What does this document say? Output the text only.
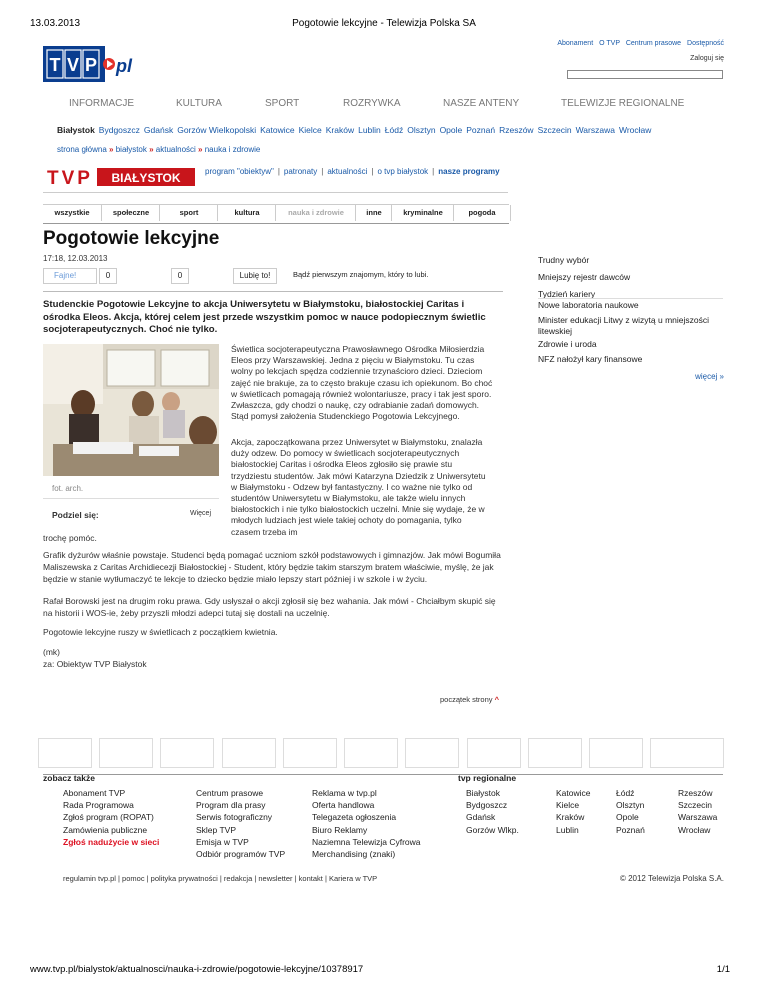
13.03.2013	Pogotowie lekcyjne - Telewizja Polska SA
Abonament O TVP Centrum prasowe Dostępność
Zaloguj się
T V P pl
INFORMACJE	KULTURA	SPORT	ROZRYWKA	NASZE ANTENY	TELEWIZJE REGIONALNE
Białystok Bydgoszcz Gdańsk Gorzów Wielkopolski Katowice Kielce Kraków Lublin Łódź Olsztyn Opole Poznań Rzeszów Szczecin Warszawa Wrocław
strona główna » białystok » aktualności » nauka i zdrowie
TVP BIAŁYSTOK	program "obiektyw" | patronaty | aktualności | o tvp białystok | nasze programy
wszystkie	społeczne	sport	kultura	nauka i zdrowie	inne	kryminalne	pogoda
Pogotowie lekcyjne
17:18, 12.03.2013
Fajne!	0	0	Lubię to!	Bądź pierwszym znajomym, który to lubi.
Studenckie Pogotowie Lekcyjne to akcja Uniwersytetu w Białymstoku, białostockiej Caritas i ośrodka Eleos. Akcja, której celem jest przede wszystkim pomoc w nauce podopiecznym świetlic socjoterapeutycznych. Choć nie tylko.
fot. arch.
Podziel się:	Więcej
Świetlica socjoterapeutyczna Prawosławnego Ośrodka Miłosierdzia Eleos przy Warszawskiej. Jedna z pięciu w Białymstoku. Tu czas wolny po lekcjach spędza codziennie trzynaścioro dzieci. Dzieciom zajęć nie brakuje, za to często brakuje czasu ich opiekunom. Bo choć w świetlicach pomagają również wolontariusze, pracy i tak jest sporo. Zwłaszcza, gdy chodzi o naukę, czy odrabianie zadań domowych. Stąd pomysł założenia Studenckiego Pogotowia Lekcyjnego.
Akcja, zapoczątkowana przez Uniwersytet w Białymstoku, znalazła duży odzew. Do pomocy w świetlicach socjoterapeutycznych białostockiej Caritas i ośrodka Eleos zgłosiło się prawie stu trzydziestu studentów. Jak mówi Katarzyna Dziedzik z Uniwersytetu w Białymstoku - Odzew był fantastyczny. I co ważne nie tylko od studentów Uniwersytetu w Białymstoku, ale także wielu innych białostockich i nie tylko białostockich uczelni. Mnie się wydaje, że w młodych ludziach jest wiele takiej ochoty do pomagania, tylko czasem trzeba im
trochę pomóc.
Grafik dyżurów właśnie powstaje. Studenci będą pomagać uczniom szkół podstawowych i gimnazjów. Jak mówi Bogumiła Maliszewska z Caritas Archidiecezji Białostockiej - Student, który będzie takim starszym bratem właściwie, myślę, że jak będzie w stanie wytłumaczyć te lekcje to dziecko będzie miało lepszy start później i w szkole i w życiu.
Rafał Borowski jest na drugim roku prawa. Gdy usłyszał o akcji zgłosił się bez wahania. Jak mówi - Chciałbym skupić się na historii i WOS-ie, żeby przyszli młodzi adepci tutaj się dostali na uczelnię.
Pogotowie lekcyjne ruszy w świetlicach z początkiem kwietnia.
(mk)
za: Obiektyw TVP Białystok
Trudny wybór
Mniejszy rejestr dawców
Tydzień kariery
Nowe laboratoria naukowe
Minister edukacji Litwy z wizytą u mniejszości litewskiej
Zdrowie i uroda
NFZ nałożył kary finansowe
więcej »
początek strony ^
zobacz także	tvp regionalne
Abonament TVP
Rada Programowa
Zgłoś program (ROPAT)
Zamówienia publiczne
Zgłoś nadużycie w sieci
Centrum prasowe
Program dla prasy
Serwis fotograficzny
Sklep TVP
Emisja w TVP
Odbiór programów TVP
Reklama w tvp.pl
Oferta handlowa
Telegazeta ogłoszenia
Biuro Reklamy
Naziemna Telewizja Cyfrowa
Merchandising (znaki)
Białystok
Bydgoszcz
Gdańsk
Gorzów Wlkp.
Katowice
Kielce
Kraków
Lublin
Łódź
Olsztyn
Opole
Poznań
Rzeszów
Szczecin
Warszawa
Wrocław
regulamin tvp.pl | pomoc | polityka prywatności | redakcja | newsletter | kontakt | Kariera w TVP	© 2012 Telewizja Polska S.A.
www.tvp.pl/bialystok/aktualnosci/nauka-i-zdrowie/pogotowie-lekcyjne/10378917	1/1
